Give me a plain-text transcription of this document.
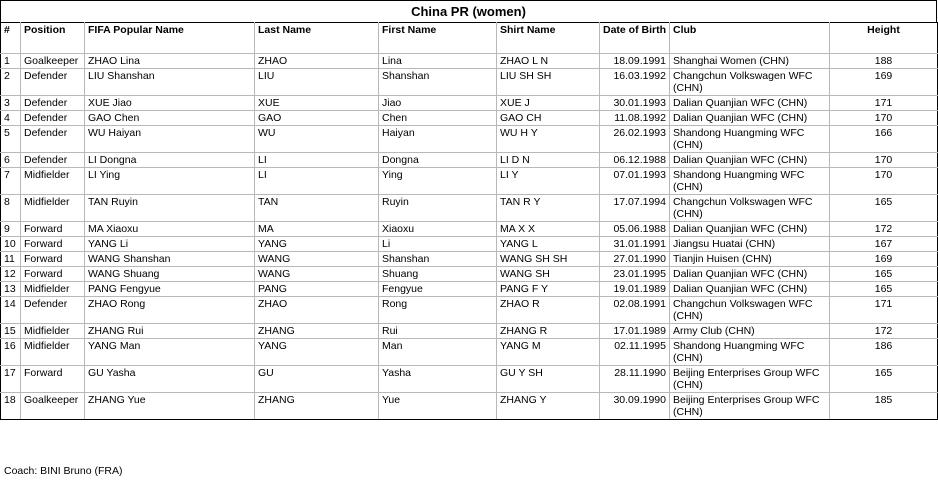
China PR (women)
#	Position	FIFA Popular Name	Last Name	First Name	Shirt Name	Date of Birth	Club	Height
1	Goalkeeper	ZHAO Lina	ZHAO	Lina	ZHAO L N	18.09.1991	Shanghai Women (CHN)	188
2	Defender	LIU Shanshan	LIU	Shanshan	LIU SH SH	16.03.1992	Changchun Volkswagen WFC (CHN)	169
3	Defender	XUE Jiao	XUE	Jiao	XUE J	30.01.1993	Dalian Quanjian WFC (CHN)	171
4	Defender	GAO Chen	GAO	Chen	GAO CH	11.08.1992	Dalian Quanjian WFC (CHN)	170
5	Defender	WU Haiyan	WU	Haiyan	WU H Y	26.02.1993	Shandong Huangming WFC (CHN)	166
6	Defender	LI Dongna	LI	Dongna	LI D N	06.12.1988	Dalian Quanjian WFC (CHN)	170
7	Midfielder	LI Ying	LI	Ying	LI Y	07.01.1993	Shandong Huangming WFC (CHN)	170
8	Midfielder	TAN Ruyin	TAN	Ruyin	TAN R Y	17.07.1994	Changchun Volkswagen WFC (CHN)	165
9	Forward	MA Xiaoxu	MA	Xiaoxu	MA X X	05.06.1988	Dalian Quanjian WFC (CHN)	172
10	Forward	YANG Li	YANG	Li	YANG L	31.01.1991	Jiangsu Huatai (CHN)	167
11	Forward	WANG Shanshan	WANG	Shanshan	WANG SH SH	27.01.1990	Tianjin Huisen (CHN)	169
12	Forward	WANG Shuang	WANG	Shuang	WANG SH	23.01.1995	Dalian Quanjian WFC (CHN)	165
13	Midfielder	PANG Fengyue	PANG	Fengyue	PANG F Y	19.01.1989	Dalian Quanjian WFC (CHN)	165
14	Defender	ZHAO Rong	ZHAO	Rong	ZHAO R	02.08.1991	Changchun Volkswagen WFC (CHN)	171
15	Midfielder	ZHANG Rui	ZHANG	Rui	ZHANG R	17.01.1989	Army Club (CHN)	172
16	Midfielder	YANG Man	YANG	Man	YANG M	02.11.1995	Shandong Huangming WFC (CHN)	186
17	Forward	GU Yasha	GU	Yasha	GU Y SH	28.11.1990	Beijing Enterprises Group WFC (CHN)	165
18	Goalkeeper	ZHANG Yue	ZHANG	Yue	ZHANG Y	30.09.1990	Beijing Enterprises Group WFC (CHN)	185
Coach: BINI Bruno (FRA)
